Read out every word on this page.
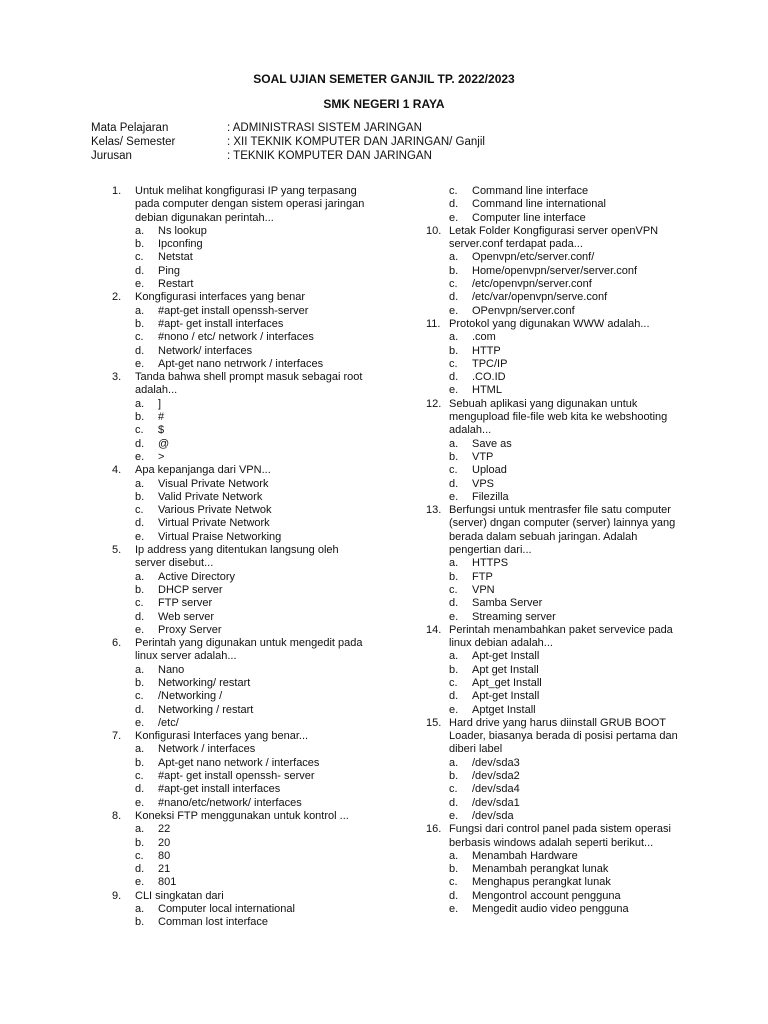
SOAL UJIAN SEMETER GANJIL TP. 2022/2023
SMK NEGERI 1 RAYA
Mata Pelajaran	: ADMINISTRASI SISTEM JARINGAN
Kelas/ Semester	: XII TEKNIK KOMPUTER DAN JARINGAN/ Ganjil
Jurusan	: TEKNIK KOMPUTER DAN JARINGAN
1.	Untuk melihat kongfigurasi IP yang terpasang pada computer dengan sistem operasi jaringan debian digunakan perintah...
a.	Ns lookup
b.	Ipconfing
c.	Netstat
d.	Ping
e.	Restart
2.	Kongfigurasi interfaces yang benar
a.	#apt-get install openssh-server
b.	#apt- get install interfaces
c.	#nono / etc/ network / interfaces
d.	Network/ interfaces
e.	Apt-get nano netrwork / interfaces
3.	Tanda bahwa shell prompt masuk sebagai root adalah...
a.	]
b.	#
c.	$
d.	@
e.	>
4.	Apa kepanjanga dari VPN...
a.	Visual Private Network
b.	Valid Private Network
c.	Various Private Netwok
d.	Virtual Private Network
e.	Virtual Praise Networking
5.	Ip address yang ditentukan langsung oleh server disebut...
a.	Active Directory
b.	DHCP server
c.	FTP server
d.	Web server
e.	Proxy Server
6.	Perintah yang digunakan untuk mengedit pada linux server adalah...
a.	Nano
b.	Networking/ restart
c.	/Networking /
d.	Networking / restart
e.	/etc/
7.	Konfigurasi Interfaces yang benar...
a.	Network / interfaces
b.	Apt-get nano network / interfaces
c.	#apt- get install openssh- server
d.	#apt-get install interfaces
e.	#nano/etc/network/ interfaces
8.	Koneksi FTP menggunakan untuk kontrol ...
a.	22
b.	20
c.	80
d.	21
e.	801
9.	CLI singkatan dari
a.	Computer local international
b.	Comman lost interface
c.	Command line interface
d.	Command line international
e.	Computer line interface
10. Letak Folder Kongfigurasi server openVPN server.conf terdapat pada...
a.	Openvpn/etc/server.conf/
b.	Home/openvpn/server/server.conf
c.	/etc/openvpn/server.conf
d.	/etc/var/openvpn/serve.conf
e.	OPenvpn/server.conf
11. Protokol yang digunakan WWW adalah...
a.	.com
b.	HTTP
c.	TPC/IP
d.	.CO.ID
e.	HTML
12. Sebuah aplikasi yang digunakan untuk mengupload file-file web kita ke webshooting adalah...
a.	Save as
b.	VTP
c.	Upload
d.	VPS
e.	Filezilla
13. Berfungsi untuk mentrasfer file satu computer (server) dngan computer (server) lainnya yang berada dalam sebuah jaringan. Adalah pengertian dari...
a.	HTTPS
b.	FTP
c.	VPN
d.	Samba Server
e.	Streaming server
14. Perintah menambahkan paket servevice pada linux debian adalah...
a.	Apt-get Install
b.	Apt get Install
c.	Apt_get Install
d.	Apt-get Install
e.	Aptget Install
15. Hard drive yang harus diinstall GRUB BOOT Loader, biasanya berada di posisi pertama dan diberi label
a.	/dev/sda3
b.	/dev/sda2
c.	/dev/sda4
d.	/dev/sda1
e.	/dev/sda
16. Fungsi dari control panel pada sistem operasi berbasis windows adalah seperti berikut...
a.	Menambah Hardware
b.	Menambah perangkat lunak
c.	Menghapus perangkat lunak
d.	Mengontrol account pengguna
e.	Mengedit audio video pengguna
